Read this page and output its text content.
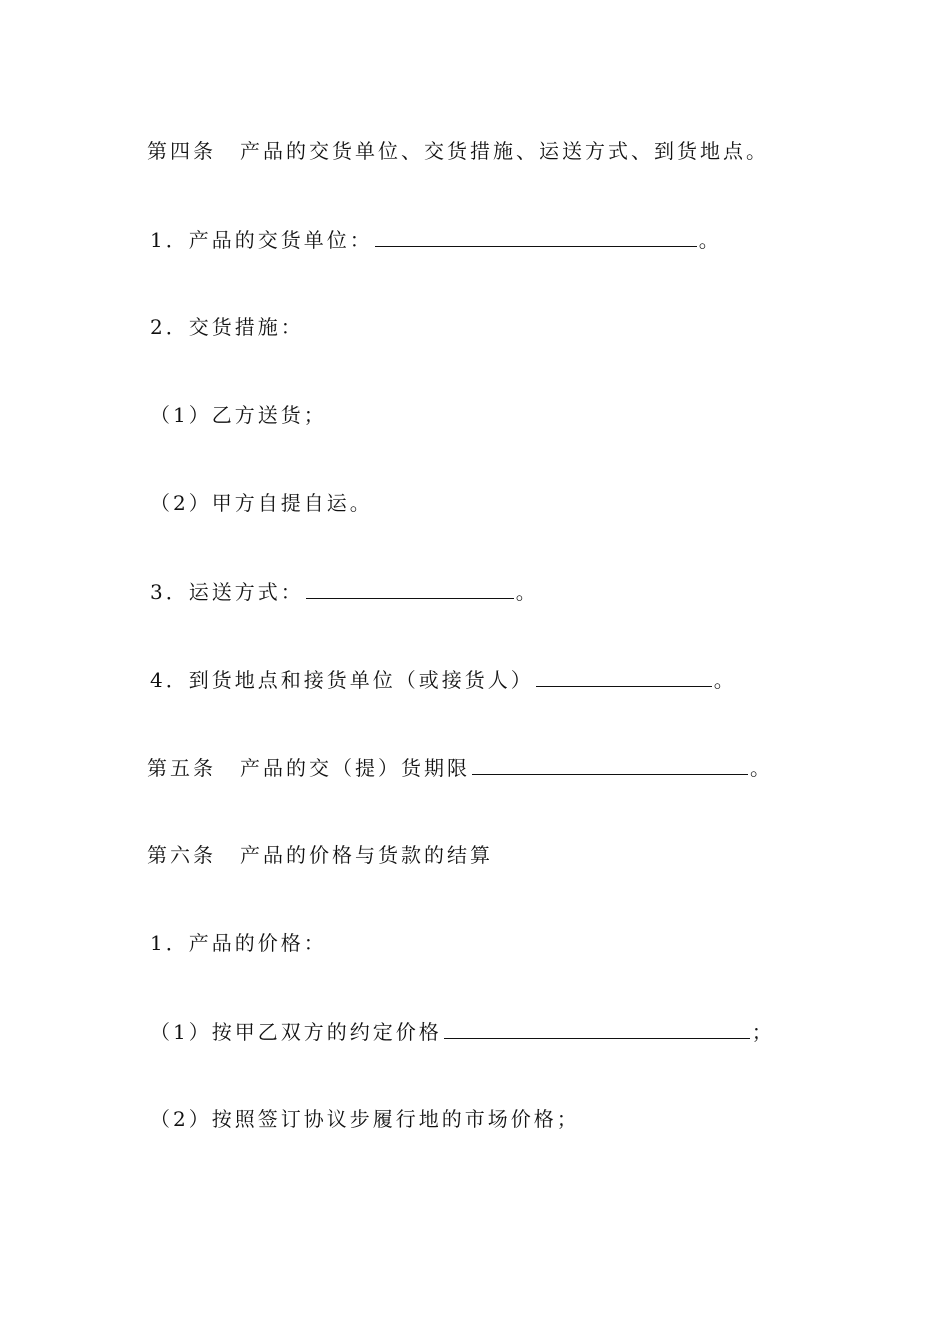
第四条 产品的交货单位、交货措施、运送方式、到货地点。
1．产品的交货单位：	。
2．交货措施：
（1）乙方送货；
（2）甲方自提自运。
3．运送方式：	。
4．到货地点和接货单位（或接货人）	。
第五条 产品的交（提）货期限	。
第六条 产品的价格与货款的结算
1．产品的价格：
（1）按甲乙双方的约定价格	；
（2）按照签订协议步履行地的市场价格；
